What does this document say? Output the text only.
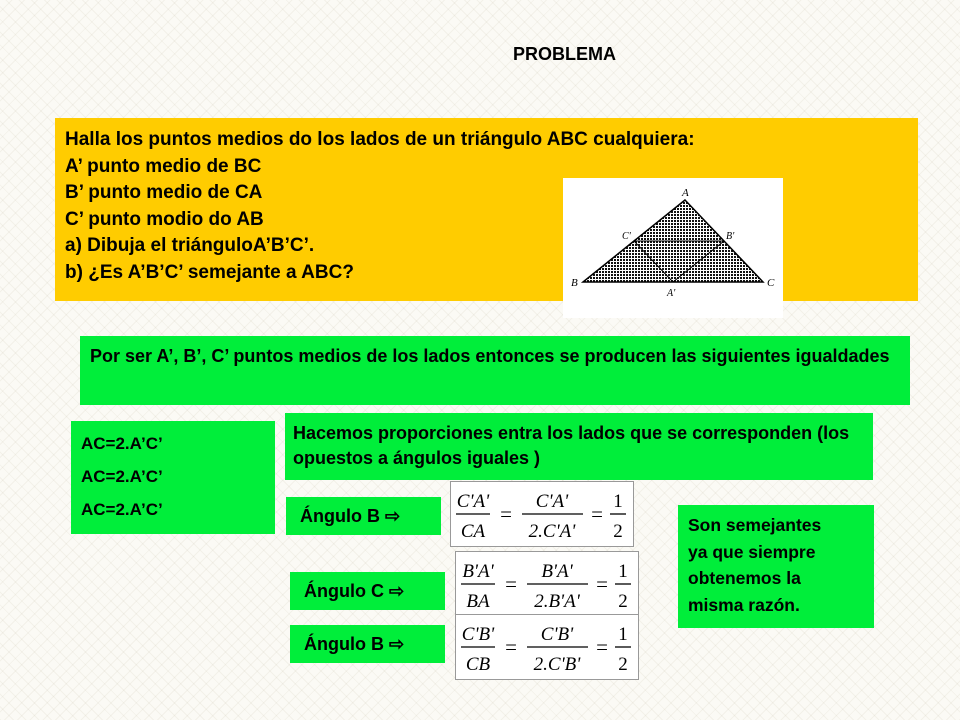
PROBLEMA
Halla los puntos medios do los lados de un triángulo ABC cualquiera:
A’ punto medio de BC
B’ punto medio de CA
C’ punto modio do AB
a) Dibuja el triánguloA’B’C’.
b) ¿Es A’B’C’ semejante a ABC?
A
B	C
A'
B'
C'
Por ser A’, B’, C’ puntos medios de los lados entonces se producen las siguientes igualdades
AC=2.A’C’
AC=2.A’C’
AC=2.A’C’
Hacemos proporciones entra los lados que se corresponden (los opuestos a ángulos iguales )
Ángulo B ⇨
C'A'
CA
=
C'A'
2.C'A'
=
1
2
Ángulo C ⇨
B'A'
BA
=
B'A'
2.B'A'
=
1
2
Ángulo B ⇨	C'B'
CB
=
C'B'
2.C'B'
=
1
2
Son semejantes
ya que siempre
obtenemos la
misma razón.
